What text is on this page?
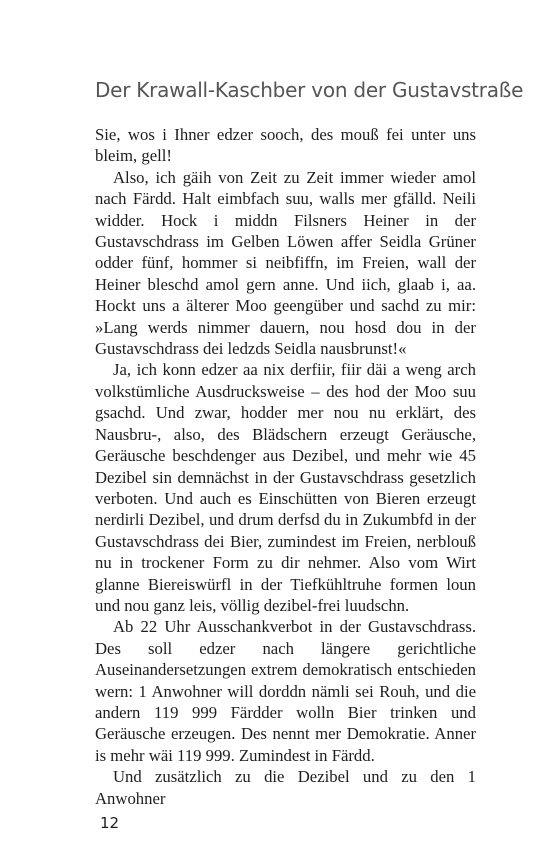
Der Krawall-Kaschber von der Gustavstraße

Sie, wos i Ihner edzer sooch, des mouß fei unter uns bleim, gell!

Also, ich gäih von Zeit zu Zeit immer wieder amol nach Färdd. Halt eimbfach suu, walls mer gfälld. Neili widder. Hock i middn Filsners Heiner in der Gustavschdrass im Gelben Löwen affer Seidla Grüner odder fünf, hommer si neibfiffn, im Freien, wall der Heiner bleschd amol gern anne. Und iich, glaab i, aa. Hockt uns a älterer Moo geengüber und sachd zu mir: »Lang werds nimmer dauern, nou hosd dou in der Gustavschdrass dei ledzds Seidla nausbrunst!«

Ja, ich konn edzer aa nix derfiir, fiir däi a weng arch volkstümliche Ausdrucksweise – des hod der Moo suu gsachd. Und zwar, hodder mer nou nu erklärt, des Nausbru-, also, des Blädschern erzeugt Geräusche, Geräusche beschdenger aus Dezibel, und mehr wie 45 Dezibel sin demnächst in der Gustavschdrass gesetzlich verboten. Und auch es Einschütten von Bieren erzeugt nerdirli Dezibel, und drum derfsd du in Zukumbfd in der Gustavschdrass dei Bier, zumindest im Freien, nerblouß nu in trockener Form zu dir nehmer. Also vom Wirt glanne Biereiswürfl in der Tiefkühltruhe formen loun und nou ganz leis, völlig dezibel-frei luudschn.

Ab 22 Uhr Ausschankverbot in der Gustavschdrass. Des soll edzer nach längere gerichtliche Auseinandersetzungen extrem demokratisch entschieden wern: 1 Anwohner will dorddn nämli sei Rouh, und die andern 119 999 Färdder wolln Bier trinken und Geräusche erzeugen. Des nennt mer Demokratie. Anner is mehr wäi 119 999. Zumindest in Färdd.

Und zusätzlich zu die Dezibel und zu den 1 Anwohner

12
